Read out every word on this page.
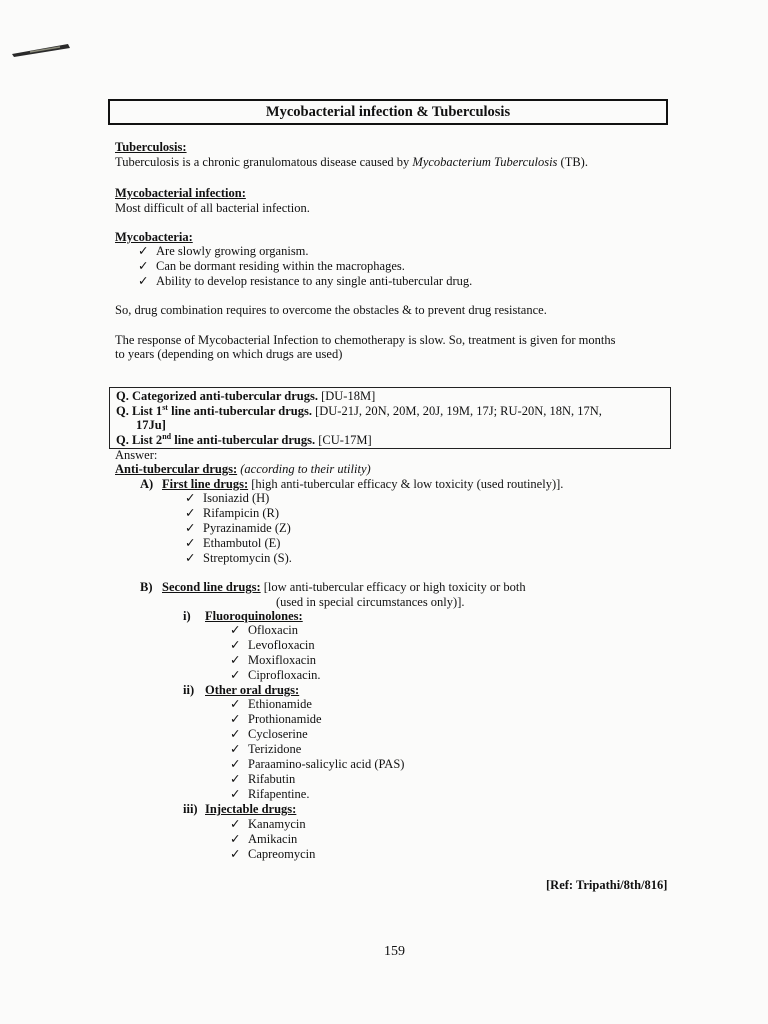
Mycobacterial infection & Tuberculosis
Tuberculosis:
Tuberculosis is a chronic granulomatous disease caused by Mycobacterium Tuberculosis (TB).
Mycobacterial infection:
Most difficult of all bacterial infection.
Mycobacteria:
✓ Are slowly growing organism.
✓ Can be dormant residing within the macrophages.
✓ Ability to develop resistance to any single anti-tubercular drug.
So, drug combination requires to overcome the obstacles & to prevent drug resistance.
The response of Mycobacterial Infection to chemotherapy is slow. So, treatment is given for months
to years (depending on which drugs are used)
Q. Categorized anti-tubercular drugs. [DU-18M]
Q. List 1st line anti-tubercular drugs. [DU-21J, 20N, 20M, 20J, 19M, 17J; RU-20N, 18N, 17N,
17Ju]
Q. List 2nd line anti-tubercular drugs. [CU-17M]
Answer:
Anti-tubercular drugs: (according to their utility)
A) First line drugs: [high anti-tubercular efficacy & low toxicity (used routinely)].
✓ Isoniazid (H)
✓ Rifampicin (R)
✓ Pyrazinamide (Z)
✓ Ethambutol (E)
✓ Streptomycin (S).
B) Second line drugs: [low anti-tubercular efficacy or high toxicity or both
(used in special circumstances only)].
i) Fluoroquinolones:
✓ Ofloxacin
✓ Levofloxacin
✓ Moxifloxacin
✓ Ciprofloxacin.
ii) Other oral drugs:
✓ Ethionamide
✓ Prothionamide
✓ Cycloserine
✓ Terizidone
✓ Paraamino-salicylic acid (PAS)
✓ Rifabutin
✓ Rifapentine.
iii) Injectable drugs:
✓ Kanamycin
✓ Amikacin
✓ Capreomycin
[Ref: Tripathi/8th/816]
159
